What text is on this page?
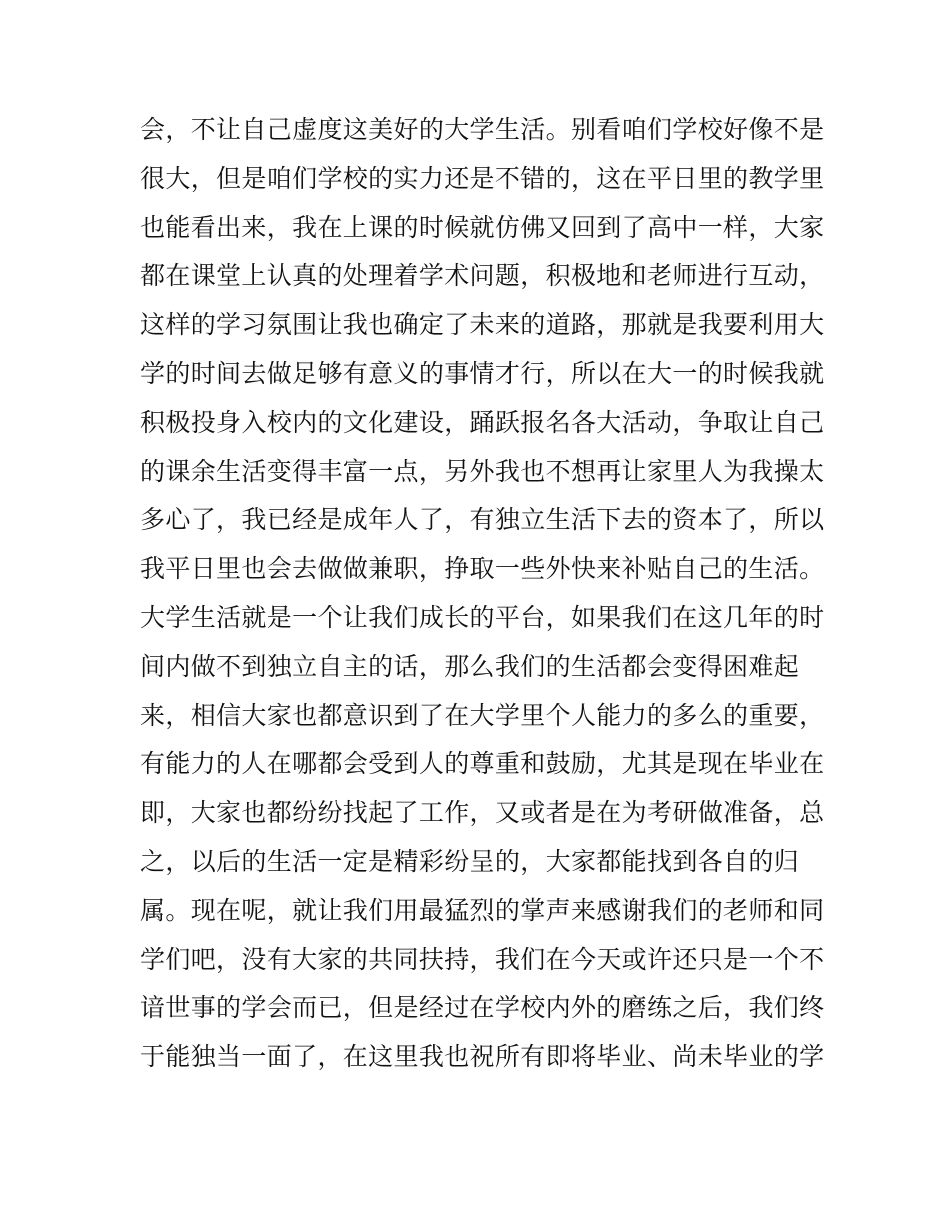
会，不让自己虚度这美好的大学生活。别看咱们学校好像不是
很大，但是咱们学校的实力还是不错的，这在平日里的教学里
也能看出来，我在上课的时候就仿佛又回到了高中一样，大家
都在课堂上认真的处理着学术问题，积极地和老师进行互动，
这样的学习氛围让我也确定了未来的道路，那就是我要利用大
学的时间去做足够有意义的事情才行，所以在大一的时候我就
积极投身入校内的文化建设，踊跃报名各大活动，争取让自己
的课余生活变得丰富一点，另外我也不想再让家里人为我操太
多心了，我已经是成年人了，有独立生活下去的资本了，所以
我平日里也会去做做兼职，挣取一些外快来补贴自己的生活。
大学生活就是一个让我们成长的平台，如果我们在这几年的时
间内做不到独立自主的话，那么我们的生活都会变得困难起
来，相信大家也都意识到了在大学里个人能力的多么的重要，
有能力的人在哪都会受到人的尊重和鼓励，尤其是现在毕业在
即，大家也都纷纷找起了工作，又或者是在为考研做准备，总
之，以后的生活一定是精彩纷呈的，大家都能找到各自的归
属。现在呢，就让我们用最猛烈的掌声来感谢我们的老师和同
学们吧，没有大家的共同扶持，我们在今天或许还只是一个不
谙世事的学会而已，但是经过在学校内外的磨练之后，我们终
于能独当一面了，在这里我也祝所有即将毕业、尚未毕业的学
